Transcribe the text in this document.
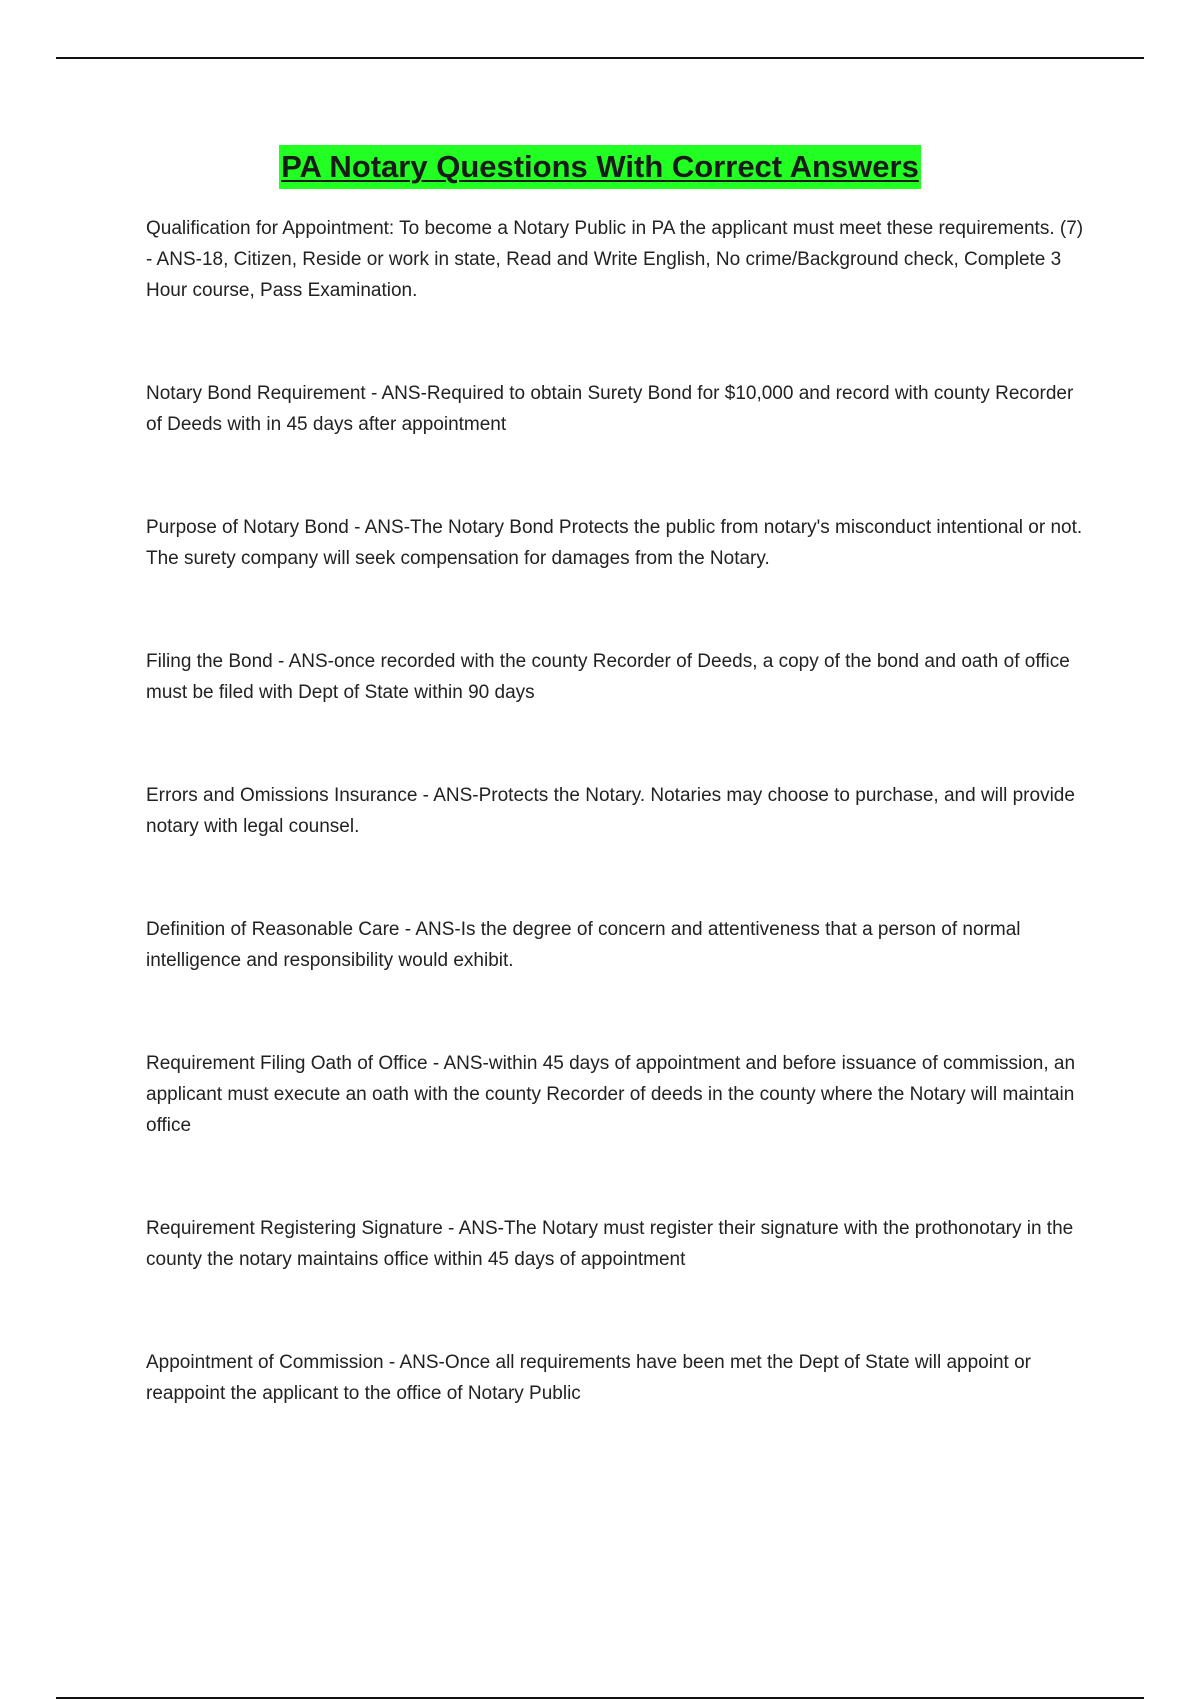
PA Notary Questions With Correct Answers

Qualification for Appointment: To become a Notary Public in PA the applicant must meet these requirements. (7) - ANS-18, Citizen, Reside or work in state, Read and Write English, No crime/Background check, Complete 3 Hour course, Pass Examination.

Notary Bond Requirement - ANS-Required to obtain Surety Bond for $10,000 and record with county Recorder of Deeds with in 45 days after appointment

Purpose of Notary Bond - ANS-The Notary Bond Protects the public from notary's misconduct intentional or not. The surety company will seek compensation for damages from the Notary.

Filing the Bond - ANS-once recorded with the county Recorder of Deeds, a copy of the bond and oath of office must be filed with Dept of State within 90 days

Errors and Omissions Insurance - ANS-Protects the Notary. Notaries may choose to purchase, and will provide notary with legal counsel.

Definition of Reasonable Care - ANS-Is the degree of concern and attentiveness that a person of normal intelligence and responsibility would exhibit.

Requirement Filing Oath of Office - ANS-within 45 days of appointment and before issuance of commission, an applicant must execute an oath with the county Recorder of deeds in the county where the Notary will maintain office

Requirement Registering Signature - ANS-The Notary must register their signature with the prothonotary in the county the notary maintains office within 45 days of appointment

Appointment of Commission - ANS-Once all requirements have been met the Dept of State will appoint or reappoint the applicant to the office of Notary Public
